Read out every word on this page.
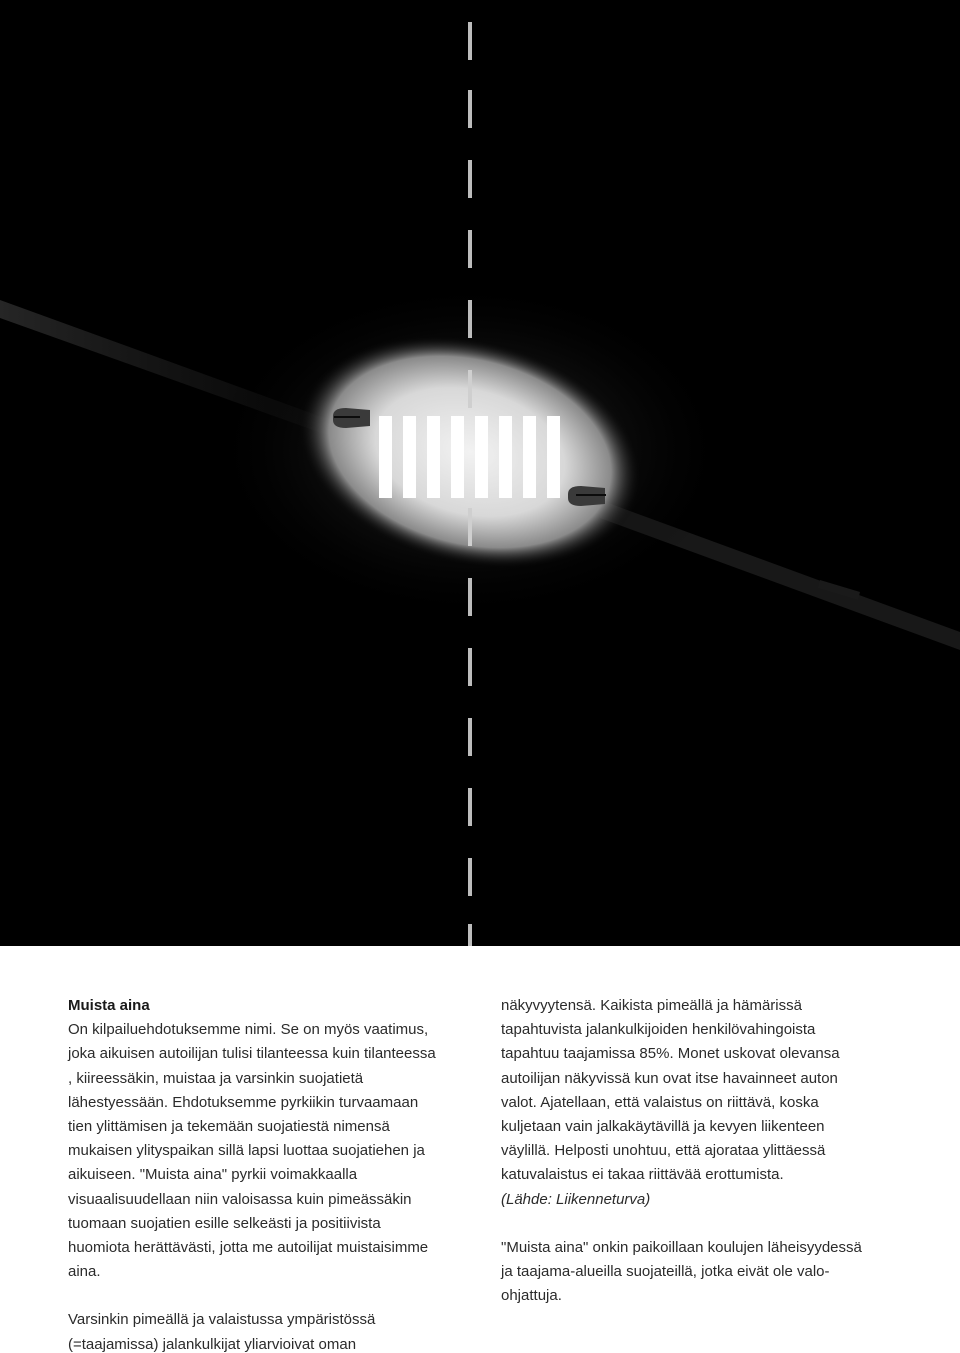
Muista aina

On kilpailuehdotuksemme nimi. Se on myös vaatimus,
joka aikuisen autoilijan tulisi tilanteessa kuin tilanteessa
, kiireessäkin, muistaa ja varsinkin suojatietä
lähestyessään. Ehdotuksemme pyrkiikin turvaamaan
tien ylittämisen ja tekemään suojatiestä nimensä
mukaisen ylityspaikan sillä lapsi luottaa suojatiehen ja
aikuiseen. "Muista aina" pyrkii voimakkaalla
visuaalisuudellaan niin valoisassa kuin pimeässäkin
tuomaan suojatien esille selkeästi ja positiivista
huomiota herättävästi, jotta me autoilijat muistaisimme
aina.

Varsinkin pimeällä ja valaistussa ympäristössä
(=taajamissa) jalankulkijat yliarvioivat oman

näkyvyytensä. Kaikista pimeällä ja hämärissä
tapahtuvista jalankulkijoiden henkilövahingoista
tapahtuu taajamissa 85%. Monet uskovat olevansa
autoilijan näkyvissä kun ovat itse havainneet auton
valot. Ajatellaan, että valaistus on riittävä, koska
kuljetaan vain jalkakäytävillä ja kevyen liikenteen
väylillä. Helposti unohtuu, että ajorataa ylittäessä
katuvalaistus ei takaa riittävää erottumista.

(Lähde: Liikenneturva)

"Muista aina" onkin paikoillaan koulujen läheisyydessä
ja taajama-alueilla suojateillä, jotka eivät ole valo-
ohjattuja.
